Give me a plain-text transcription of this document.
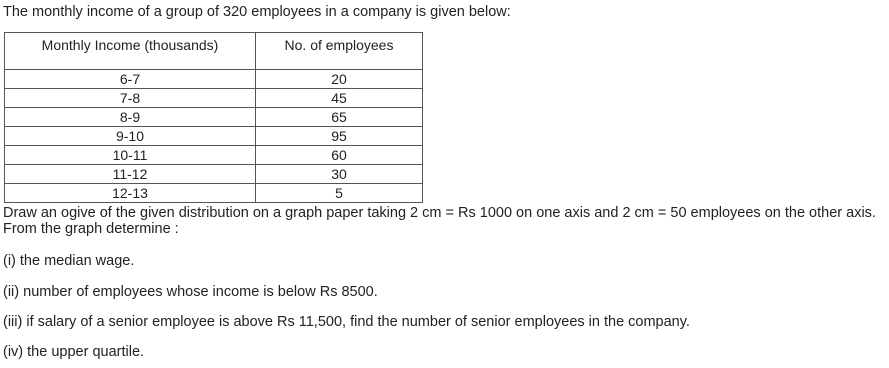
The monthly income of a group of 320 employees in a company is given below:
Monthly Income (thousands)	No. of employees
6-7	20
7-8	45
8-9	65
9-10	95
10-11	60
11-12	30
12-13	5
Draw an ogive of the given distribution on a graph paper taking 2 cm = Rs 1000 on one axis and 2 cm = 50 employees on the other axis.
From the graph determine :
(i) the median wage.
(ii) number of employees whose income is below Rs 8500.
(iii) if salary of a senior employee is above Rs 11,500, find the number of senior employees in the company.
(iv) the upper quartile.
